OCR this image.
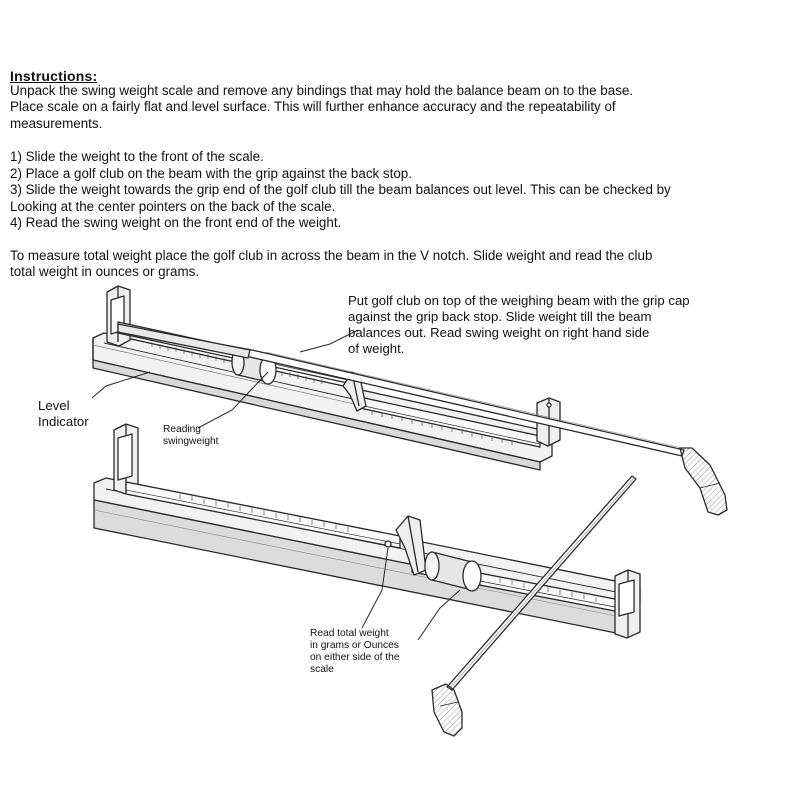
Instructions:
Unpack the swing weight scale and remove any bindings that may hold the balance beam on to the base.
Place scale on a fairly flat and level surface. This will further enhance accuracy and the repeatability of
measurements.
1) Slide the weight to the front of the scale.
2) Place a golf club on the beam with the grip against the back stop.
3) Slide the weight towards the grip end of the golf club till the beam balances out level. This can be checked by
Looking at the center pointers on the back of the scale.
4) Read the swing weight on the front end of the weight.
To measure total weight place the golf club in across the beam in the V notch. Slide weight and read the club
total weight in ounces or grams.
Put golf club on top of the weighing beam with the grip cap
against the grip back stop. Slide weight till the beam
balances out. Read swing weight on right hand side
of weight.
Level
Indicator
Reading
swingweight
Read total weight
in grams or Ounces
on either side of the
scale
